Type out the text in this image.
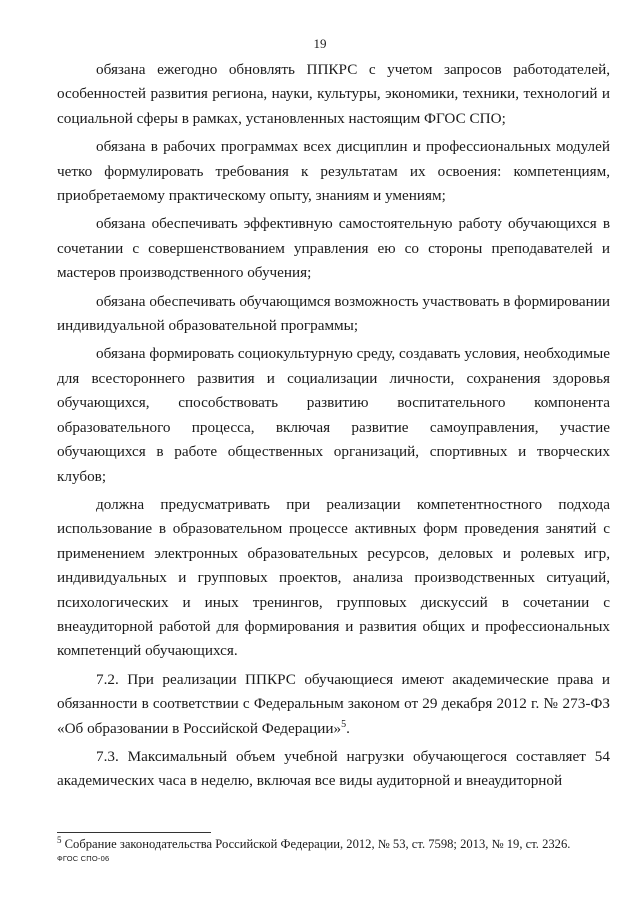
19

обязана ежегодно обновлять ППКРС с учетом запросов работодателей, особенностей развития региона, науки, культуры, экономики, техники, технологий и социальной сферы в рамках, установленных настоящим ФГОС СПО;

обязана в рабочих программах всех дисциплин и профессиональных модулей четко формулировать требования к результатам их освоения: компетенциям, приобретаемому практическому опыту, знаниям и умениям;

обязана обеспечивать эффективную самостоятельную работу обучающихся в сочетании с совершенствованием управления ею со стороны преподавателей и мастеров производственного обучения;

обязана обеспечивать обучающимся возможность участвовать в формировании индивидуальной образовательной программы;

обязана формировать социокультурную среду, создавать условия, необходимые для всестороннего развития и социализации личности, сохранения здоровья обучающихся, способствовать развитию воспитательного компонента образовательного процесса, включая развитие самоуправления, участие обучающихся в работе общественных организаций, спортивных и творческих клубов;

должна предусматривать при реализации компетентностного подхода использование в образовательном процессе активных форм проведения занятий с применением электронных образовательных ресурсов, деловых и ролевых игр, индивидуальных и групповых проектов, анализа производственных ситуаций, психологических и иных тренингов, групповых дискуссий в сочетании с внеаудиторной работой для формирования и развития общих и профессиональных компетенций обучающихся.

7.2. При реализации ППКРС обучающиеся имеют академические права и обязанности в соответствии с Федеральным законом от 29 декабря 2012 г. № 273-ФЗ «Об образовании в Российской Федерации»$^5$.

7.3. Максимальный объем учебной нагрузки обучающегося составляет 54 академических часа в неделю, включая все виды аудиторной и внеаудиторной

$^5$ Собрание законодательства Российской Федерации, 2012, № 53, ст. 7598; 2013, № 19, ст. 2326.
ФГОС СПО-06
